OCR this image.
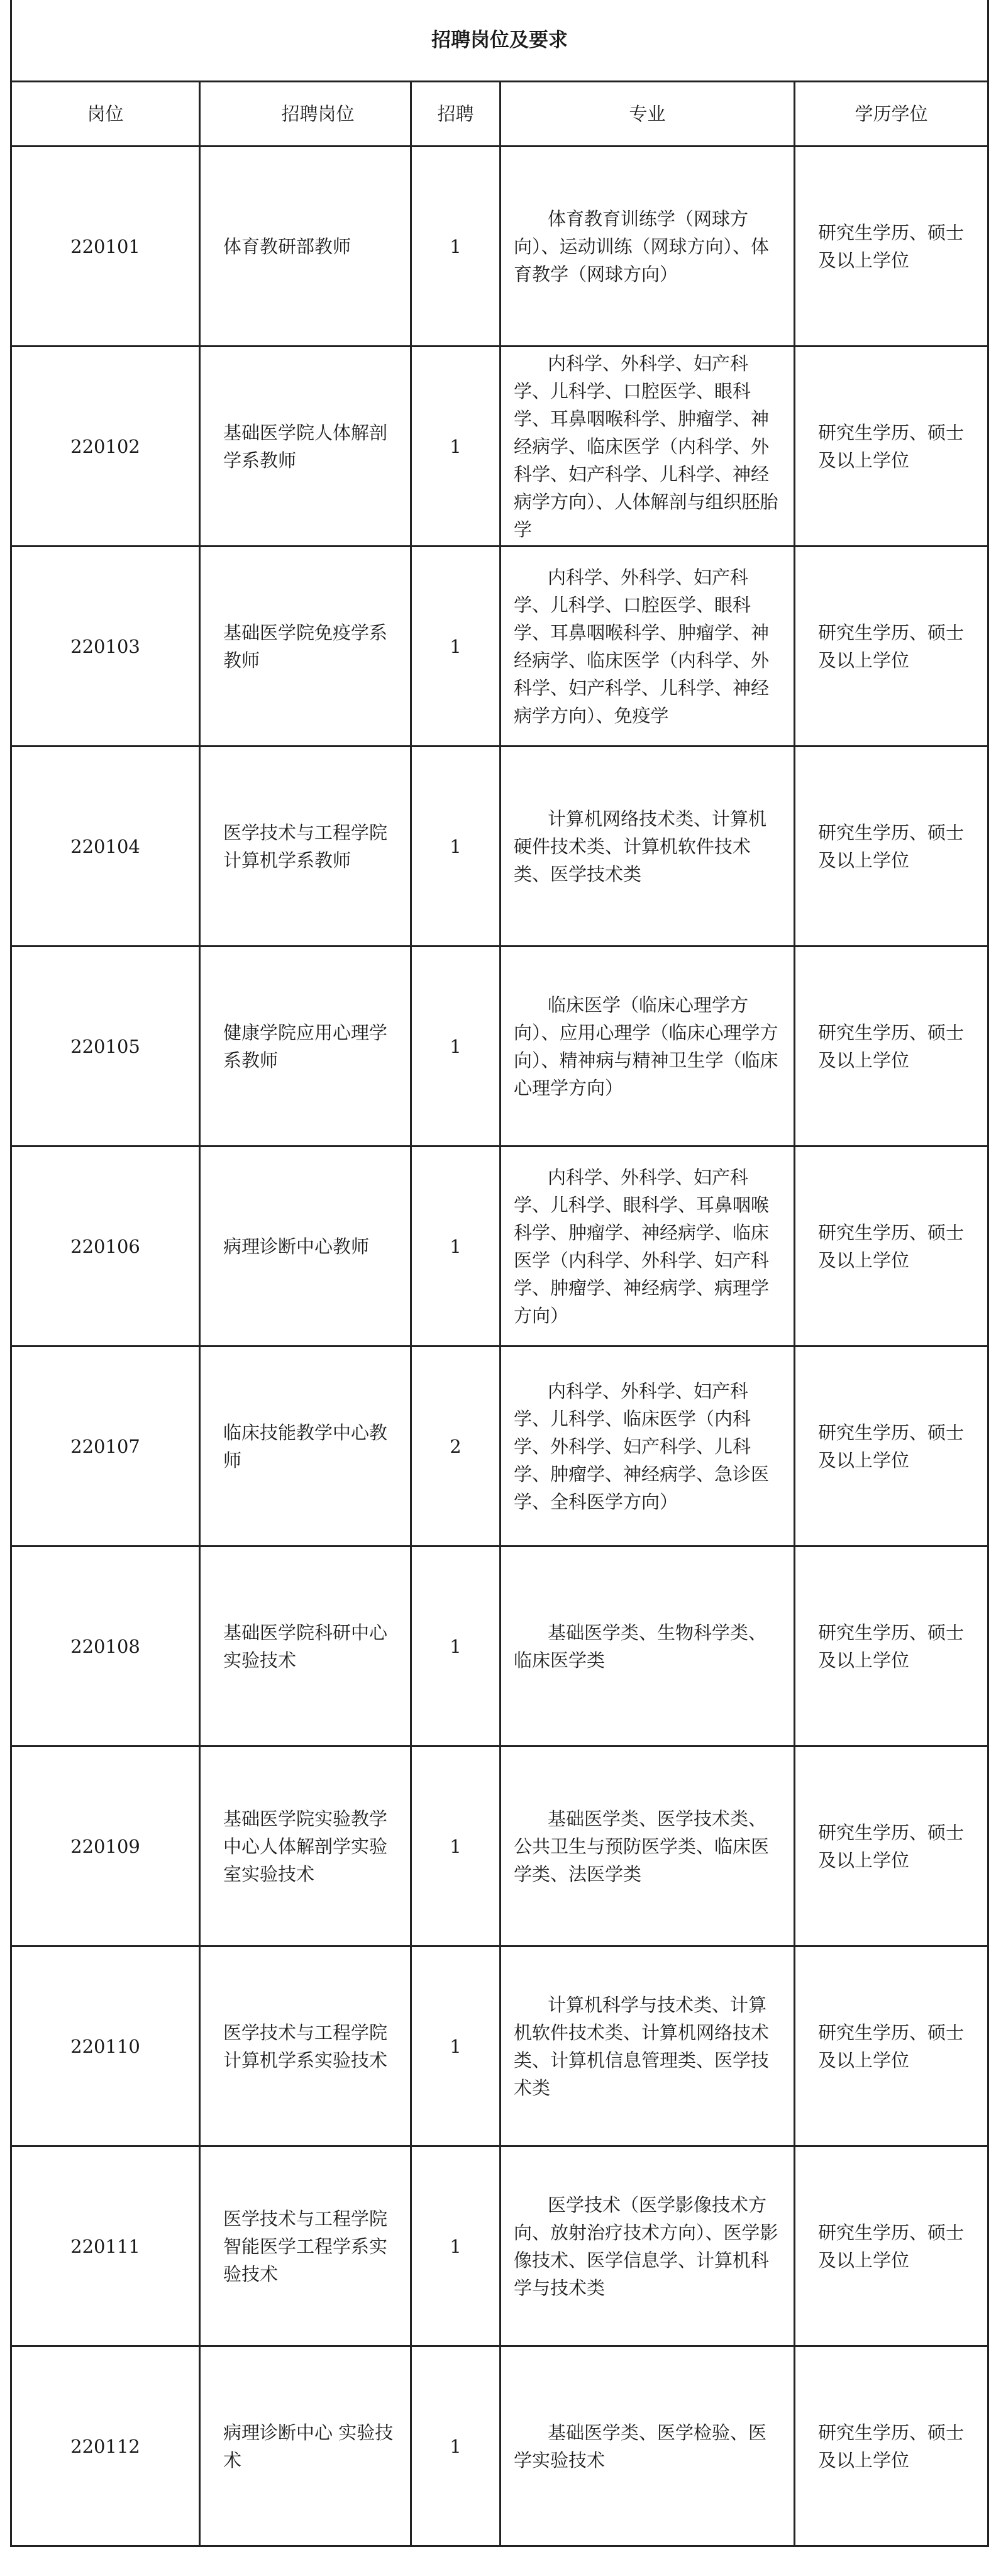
招聘岗位及要求				
岗位	招聘岗位	招聘	专业	学历学位
220101	体育教研部教师	1	体育教育训练学（网球方向）、运动训练（网球方向）、体育教学（网球方向）	研究生学历、硕士及以上学位
220102	基础医学院人体解剖学系教师	1	内科学、外科学、妇产科学、儿科学、口腔医学、眼科学、耳鼻咽喉科学、肿瘤学、神经病学、临床医学（内科学、外科学、妇产科学、儿科学、神经病学方向）、人体解剖与组织胚胎学	研究生学历、硕士及以上学位
220103	基础医学院免疫学系教师	1	内科学、外科学、妇产科学、儿科学、口腔医学、眼科学、耳鼻咽喉科学、肿瘤学、神经病学、临床医学（内科学、外科学、妇产科学、儿科学、神经病学方向）、免疫学	研究生学历、硕士及以上学位
220104	医学技术与工程学院计算机学系教师	1	计算机网络技术类、计算机硬件技术类、计算机软件技术类、医学技术类	研究生学历、硕士及以上学位
220105	健康学院应用心理学系教师	1	临床医学（临床心理学方向）、应用心理学（临床心理学方向）、精神病与精神卫生学（临床心理学方向）	研究生学历、硕士及以上学位
220106	病理诊断中心教师	1	内科学、外科学、妇产科学、儿科学、眼科学、耳鼻咽喉科学、肿瘤学、神经病学、临床医学（内科学、外科学、妇产科学、肿瘤学、神经病学、病理学方向）	研究生学历、硕士及以上学位
220107	临床技能教学中心教师	2	内科学、外科学、妇产科学、儿科学、临床医学（内科学、外科学、妇产科学、儿科学、肿瘤学、神经病学、急诊医学、全科医学方向）	研究生学历、硕士及以上学位
220108	基础医学院科研中心实验技术	1	基础医学类、生物科学类、临床医学类	研究生学历、硕士及以上学位
220109	基础医学院实验教学中心人体解剖学实验室实验技术	1	基础医学类、医学技术类、公共卫生与预防医学类、临床医学类、法医学类	研究生学历、硕士及以上学位
220110	医学技术与工程学院计算机学系实验技术	1	计算机科学与技术类、计算机软件技术类、计算机网络技术类、计算机信息管理类、医学技术类	研究生学历、硕士及以上学位
220111	医学技术与工程学院智能医学工程学系实验技术	1	医学技术（医学影像技术方向、放射治疗技术方向）、医学影像技术、医学信息学、计算机科学与技术类	研究生学历、硕士及以上学位
220112	病理诊断中心 实验技术	1	基础医学类、医学检验、医学实验技术	研究生学历、硕士及以上学位
